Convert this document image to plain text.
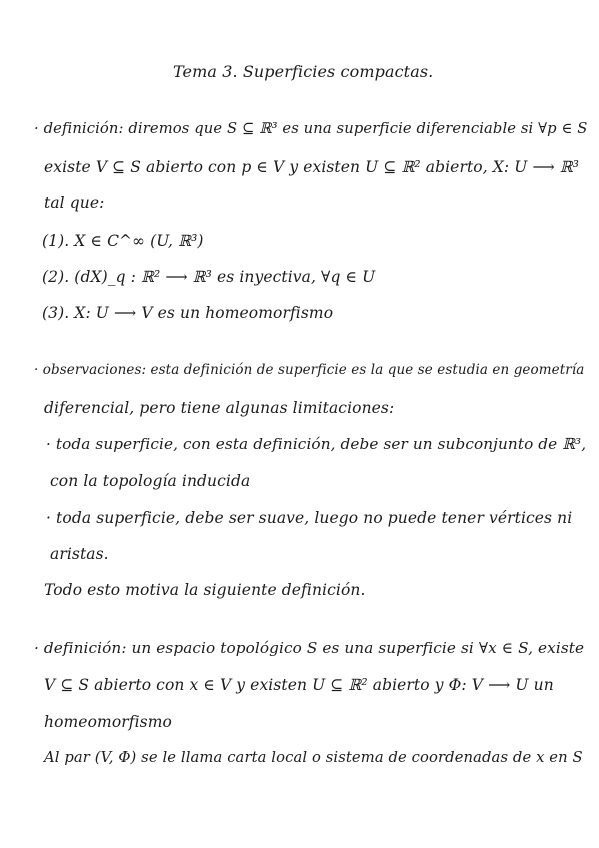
Tema 3. Superficies compactas.
· definición: diremos que S ⊆ ℝ³ es una superficie diferenciable si ∀p ∈ S
existe V ⊆ S abierto con p ∈ V y existen U ⊆ ℝ² abierto, X: U ⟶ ℝ³
tal que:
(1). X ∈ C^∞ (U, ℝ³)
(2). (dX)_q : ℝ² ⟶ ℝ³ es inyectiva, ∀q ∈ U
(3). X: U ⟶ V es un homeomorfismo
· observaciones: esta definición de superficie es la que se estudia en geometría
diferencial, pero tiene algunas limitaciones:
· toda superficie, con esta definición, debe ser un subconjunto de ℝ³,
con la topología inducida
· toda superficie, debe ser suave, luego no puede tener vértices ni
aristas.
Todo esto motiva la siguiente definición.
· definición: un espacio topológico S es una superficie si ∀x ∈ S, existe
V ⊆ S abierto con x ∈ V y existen U ⊆ ℝ² abierto y Φ: V ⟶ U un
homeomorfismo
Al par (V, Φ) se le llama carta local o sistema de coordenadas de x en S
